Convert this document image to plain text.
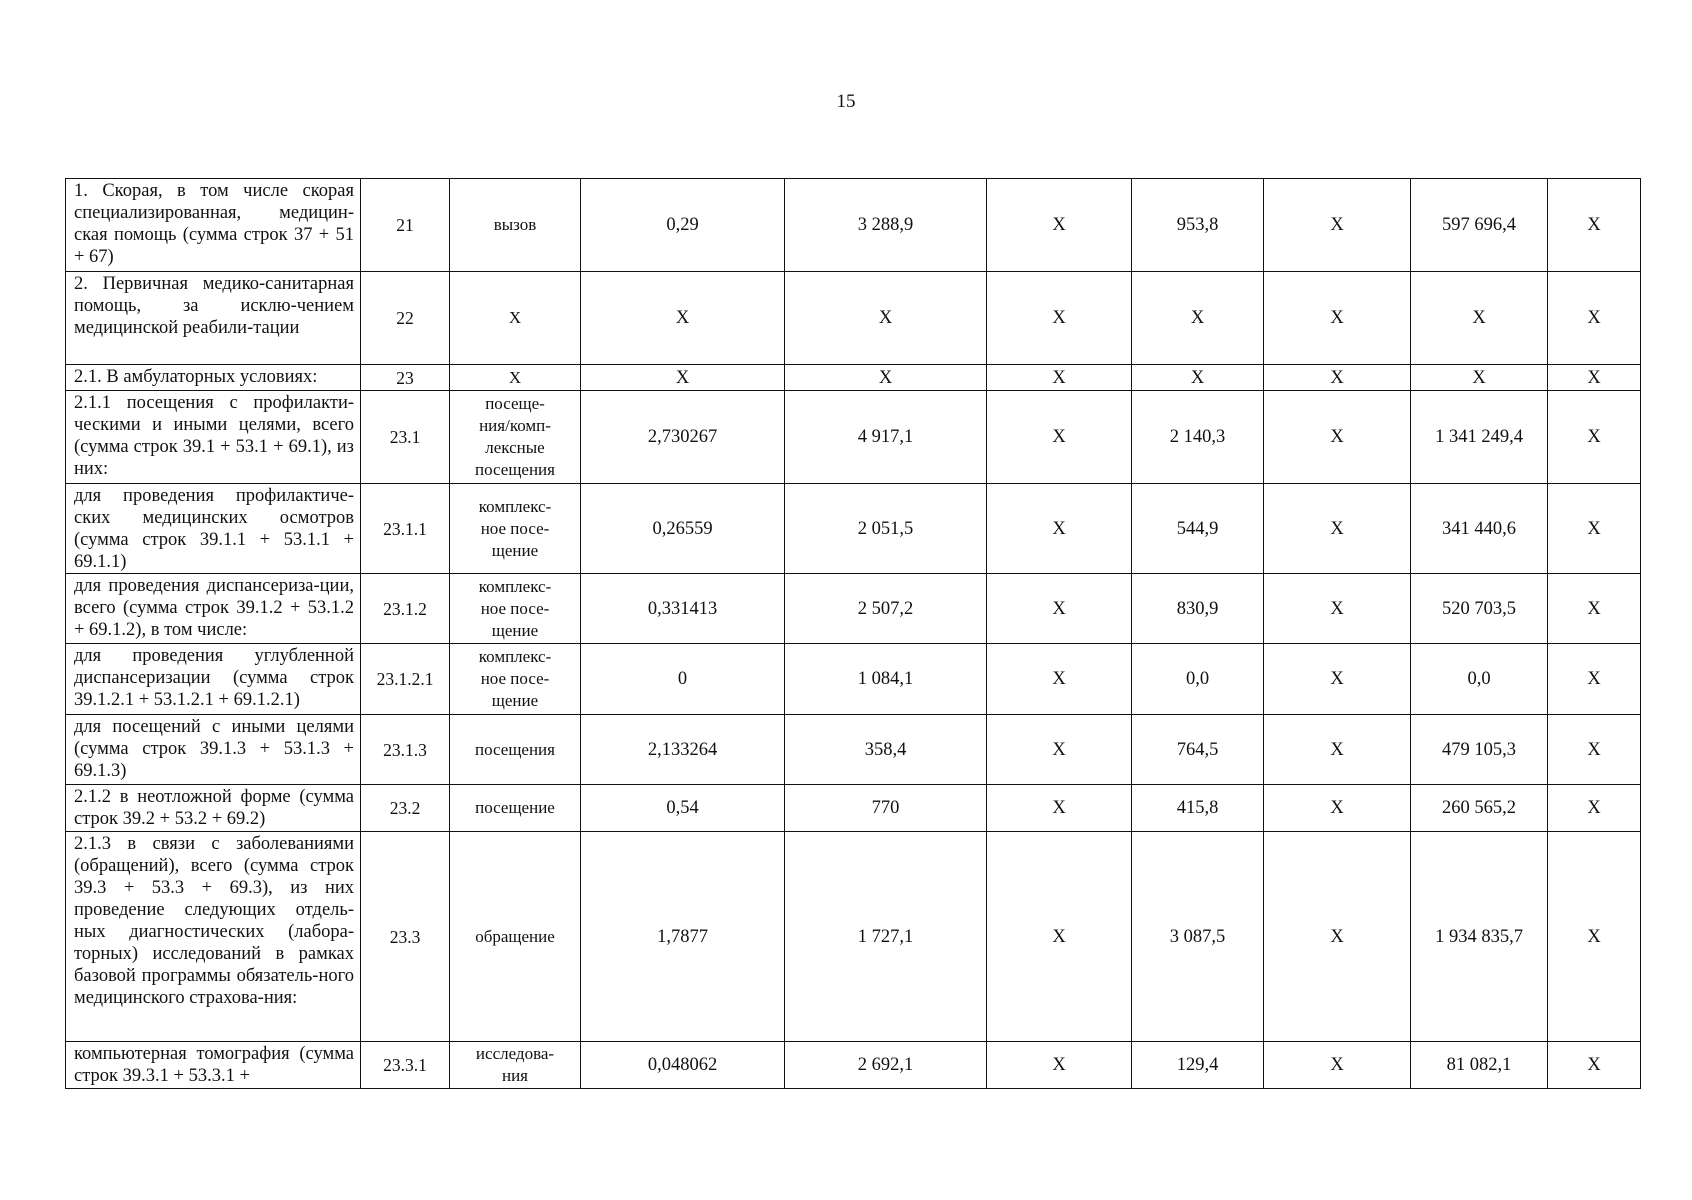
15
1. Скорая, в том числе скорая специализированная, медицин-ская помощь (сумма строк 37 + 51 + 67)	21	вызов	0,29	3 288,9	Х	953,8	Х	597 696,4	Х
2. Первичная медико-санитарная помощь, за исклю-чением медицинской реабили-тации	22	Х	Х	Х	Х	Х	Х	Х	Х
2.1. В амбулаторных условиях:	23	Х	Х	Х	Х	Х	Х	Х	Х
2.1.1 посещения с профилакти-ческими и иными целями, всего (сумма строк 39.1 + 53.1 + 69.1), из них:	23.1	посеще-
ния/комп-
лексные
посещения	2,730267	4 917,1	Х	2 140,3	Х	1 341 249,4	Х
для проведения профилактиче-ских медицинских осмотров (сумма строк 39.1.1 + 53.1.1 + 69.1.1)	23.1.1	комплекс-
ное посе-
щение	0,26559	2 051,5	Х	544,9	Х	341 440,6	Х
для проведения диспансериза-ции, всего (сумма строк 39.1.2 + 53.1.2 + 69.1.2), в том числе:	23.1.2	комплекс-
ное посе-
щение	0,331413	2 507,2	Х	830,9	Х	520 703,5	Х
для проведения углубленной диспансеризации (сумма строк 39.1.2.1 + 53.1.2.1 + 69.1.2.1)	23.1.2.1	комплекс-
ное посе-
щение	0	1 084,1	Х	0,0	Х	0,0	Х
для посещений с иными целями (сумма строк 39.1.3 + 53.1.3 + 69.1.3)	23.1.3	посещения	2,133264	358,4	Х	764,5	Х	479 105,3	Х
2.1.2 в неотложной форме (сумма строк 39.2 + 53.2 + 69.2)	23.2	посещение	0,54	770	Х	415,8	Х	260 565,2	Х
2.1.3 в связи с заболеваниями (обращений), всего (сумма строк 39.3 + 53.3 + 69.3), из них проведение следующих отдель-ных диагностических (лабора-торных) исследований в рамках базовой программы обязатель-ного медицинского страхова-ния:	23.3	обращение	1,7877	1 727,1	Х	3 087,5	Х	1 934 835,7	Х
компьютерная томография (сумма строк 39.3.1 + 53.3.1 +	23.3.1	исследова-
ния	0,048062	2 692,1	Х	129,4	Х	81 082,1	Х
